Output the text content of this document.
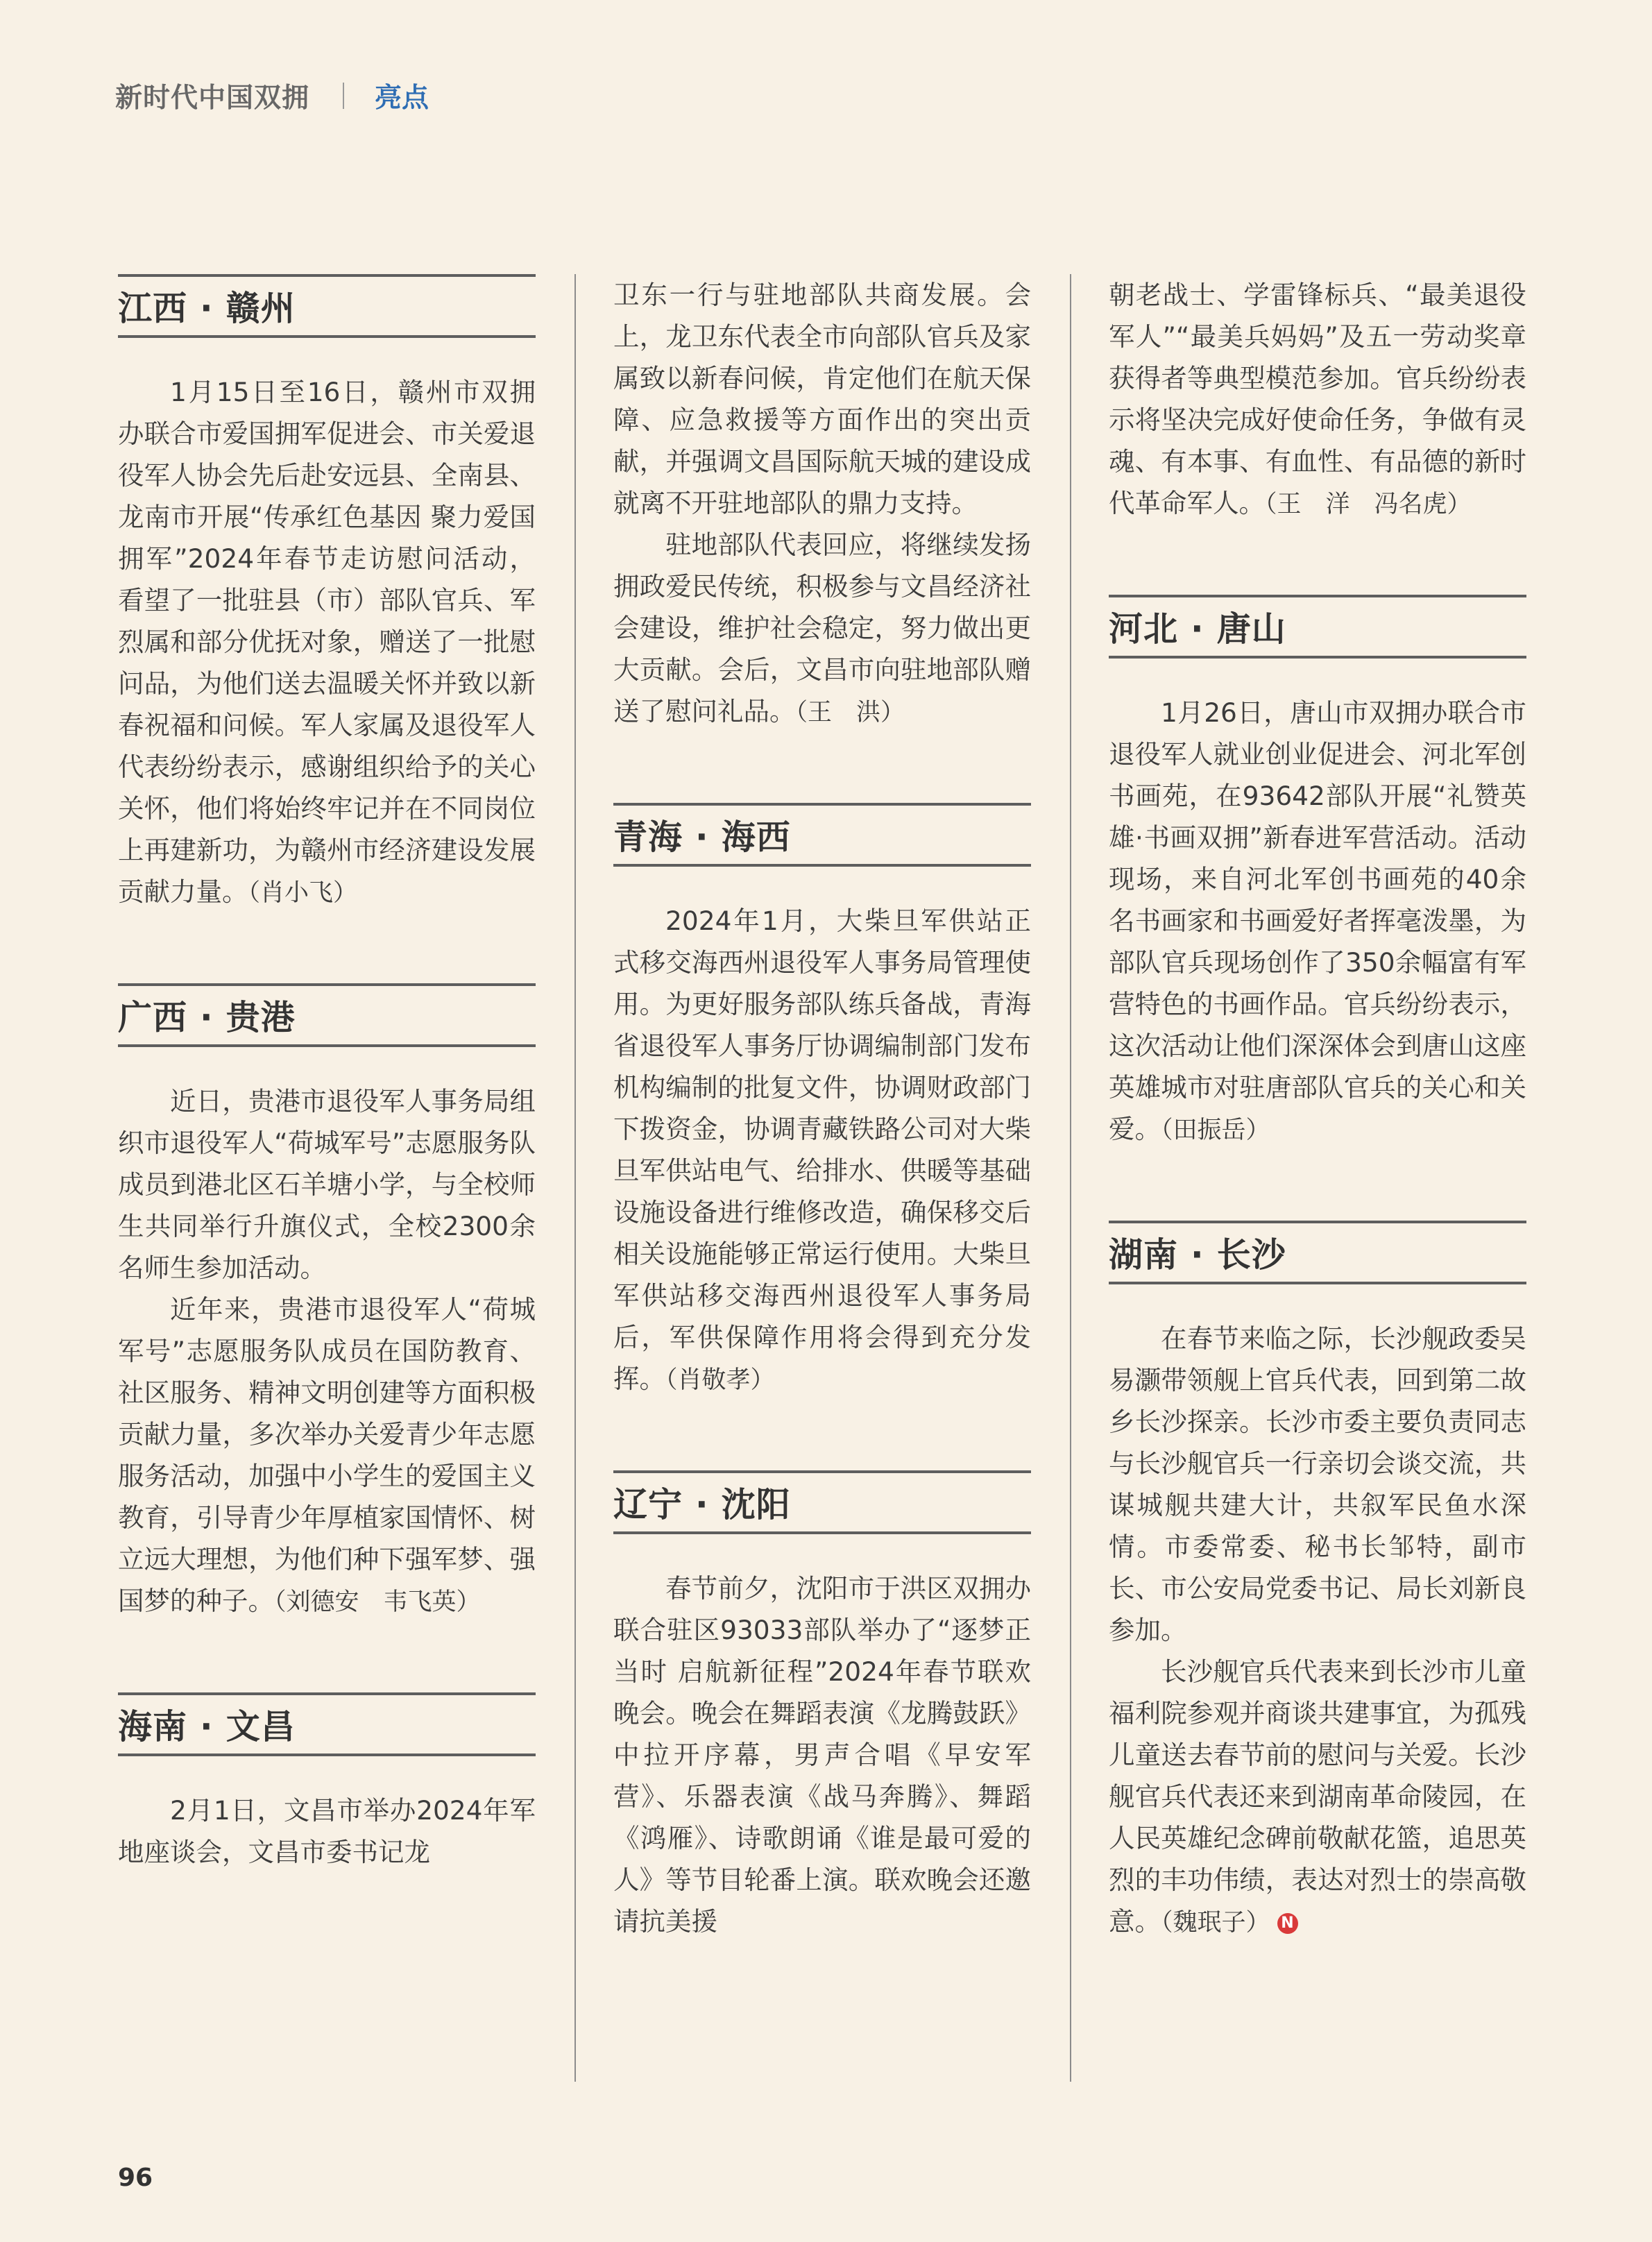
新时代中国双拥 亮点
江西 · 赣州

1月15日至16日，赣州市双拥办联合市爱国拥军促进会、市关爱退役军人协会先后赴安远县、全南县、龙南市开展“传承红色基因 聚力爱国拥军”2024年春节走访慰问活动，看望了一批驻县（市）部队官兵、军烈属和部分优抚对象，赠送了一批慰问品，为他们送去温暖关怀并致以新春祝福和问候。军人家属及退役军人代表纷纷表示，感谢组织给予的关心关怀，他们将始终牢记并在不同岗位上再建新功，为赣州市经济建设发展贡献力量。（肖小飞）

广西 · 贵港

近日，贵港市退役军人事务局组织市退役军人“荷城军号”志愿服务队成员到港北区石羊塘小学，与全校师生共同举行升旗仪式，全校2300余名师生参加活动。

近年来，贵港市退役军人“荷城军号”志愿服务队成员在国防教育、社区服务、精神文明创建等方面积极贡献力量，多次举办关爱青少年志愿服务活动，加强中小学生的爱国主义教育，引导青少年厚植家国情怀、树立远大理想，为他们种下强军梦、强国梦的种子。（刘德安　韦飞英）

海南 · 文昌

2月1日，文昌市举办2024年军地座谈会，文昌市委书记龙

卫东一行与驻地部队共商发展。会上，龙卫东代表全市向部队官兵及家属致以新春问候，肯定他们在航天保障、应急救援等方面作出的突出贡献，并强调文昌国际航天城的建设成就离不开驻地部队的鼎力支持。

驻地部队代表回应，将继续发扬拥政爱民传统，积极参与文昌经济社会建设，维护社会稳定，努力做出更大贡献。会后，文昌市向驻地部队赠送了慰问礼品。（王　洪）

青海 · 海西

2024年1月，大柴旦军供站正式移交海西州退役军人事务局管理使用。为更好服务部队练兵备战，青海省退役军人事务厅协调编制部门发布机构编制的批复文件，协调财政部门下拨资金，协调青藏铁路公司对大柴旦军供站电气、给排水、供暖等基础设施设备进行维修改造，确保移交后相关设施能够正常运行使用。大柴旦军供站移交海西州退役军人事务局后，军供保障作用将会得到充分发挥。（肖敬孝）

辽宁 · 沈阳

春节前夕，沈阳市于洪区双拥办联合驻区93033部队举办了“逐梦正当时 启航新征程”2024年春节联欢晚会。晚会在舞蹈表演《龙腾鼓跃》中拉开序幕，男声合唱《早安军营》、乐器表演《战马奔腾》、舞蹈《鸿雁》、诗歌朗诵《谁是最可爱的人》等节目轮番上演。联欢晚会还邀请抗美援

朝老战士、学雷锋标兵、“最美退役军人”“最美兵妈妈”及五一劳动奖章获得者等典型模范参加。官兵纷纷表示将坚决完成好使命任务，争做有灵魂、有本事、有血性、有品德的新时代革命军人。（王　洋　冯名虎）

河北 · 唐山

1月26日，唐山市双拥办联合市退役军人就业创业促进会、河北军创书画苑，在93642部队开展“礼赞英雄·书画双拥”新春进军营活动。活动现场，来自河北军创书画苑的40余名书画家和书画爱好者挥毫泼墨，为部队官兵现场创作了350余幅富有军营特色的书画作品。官兵纷纷表示，这次活动让他们深深体会到唐山这座英雄城市对驻唐部队官兵的关心和关爱。（田振岳）

湖南 · 长沙

在春节来临之际，长沙舰政委吴易灏带领舰上官兵代表，回到第二故乡长沙探亲。长沙市委主要负责同志与长沙舰官兵一行亲切会谈交流，共谋城舰共建大计，共叙军民鱼水深情。市委常委、秘书长邹特，副市长、市公安局党委书记、局长刘新良参加。

长沙舰官兵代表来到长沙市儿童福利院参观并商谈共建事宜，为孤残儿童送去春节前的慰问与关爱。长沙舰官兵代表还来到湖南革命陵园，在人民英雄纪念碑前敬献花篮，追思英烈的丰功伟绩，表达对烈士的崇高敬意。（魏珉子） N

96
